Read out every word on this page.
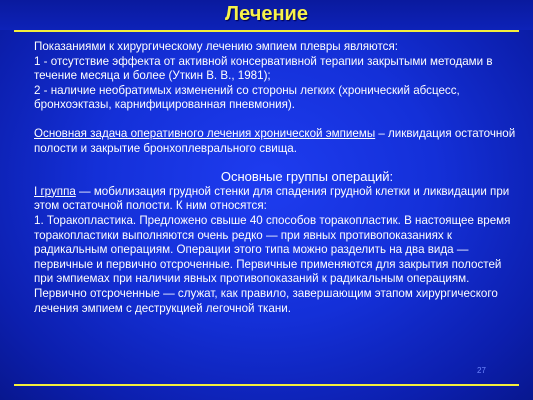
Лечение

Показаниями к хирургическому лечению эмпием плевры являются:

1 - отсутствие эффекта от активной консервативной терапии закрытыми методами в течение месяца и более (Уткин В. В., 1981);

2 - наличие необратимых изменений со стороны легких (хронический абсцесс, бронхоэктазы, карнифицированная пневмония).

Основная задача оперативного лечения хронической эмпиемы – ликвидация остаточной полости и закрытие бронхоплеврального свища.

Основные группы операций:

I группа — мобилизация грудной стенки для спадения грудной клетки и ликвидации при этом остаточной полости. К ним относятся:

1. Торакопластика. Предложено свыше 40 способов торакопластик. В настоящее время торакопластики выполняются очень редко — при явных противопоказаниях к радикальным операциям. Операции этого типа можно разделить на два вида — первичные и первично отсроченные. Первичные применяются для закрытия полостей при эмпиемах при наличии явных противопоказаний к радикальным операциям. Первично отсроченные — служат, как правило, завершающим этапом хирургического лечения эмпием с деструкцией легочной ткани.

27
